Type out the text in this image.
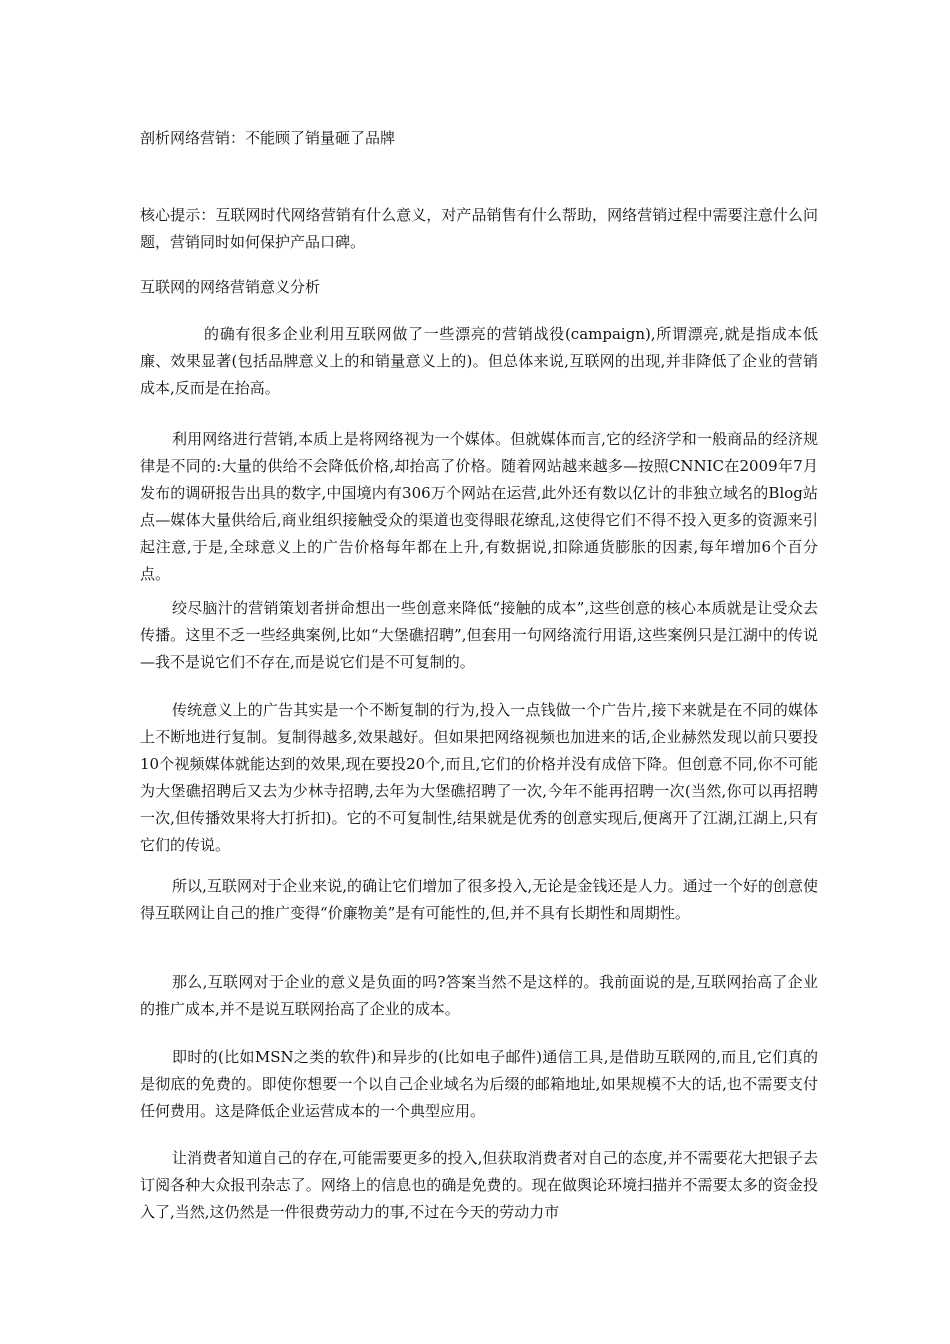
剖析网络营销：不能顾了销量砸了品牌
核心提示：互联网时代网络营销有什么意义，对产品销售有什么帮助，网络营销过程中需要注意什么问题，营销同时如何保护产品口碑。
互联网的网络营销意义分析

的确有很多企业利用互联网做了一些漂亮的营销战役(campaign),所谓漂亮,就是指成本低廉、效果显著(包括品牌意义上的和销量意义上的)。但总体来说,互联网的出现,并非降低了企业的营销成本,反而是在抬高。

利用网络进行营销,本质上是将网络视为一个媒体。但就媒体而言,它的经济学和一般商品的经济规律是不同的:大量的供给不会降低价格,却抬高了价格。随着网站越来越多—按照CNNIC在2009年7月发布的调研报告出具的数字,中国境内有306万个网站在运营,此外还有数以亿计的非独立域名的Blog站点—媒体大量供给后,商业组织接触受众的渠道也变得眼花缭乱,这使得它们不得不投入更多的资源来引起注意,于是,全球意义上的广告价格每年都在上升,有数据说,扣除通货膨胀的因素,每年增加6个百分点。

绞尽脑汁的营销策划者拼命想出一些创意来降低“接触的成本”,这些创意的核心本质就是让受众去传播。这里不乏一些经典案例,比如“大堡礁招聘”,但套用一句网络流行用语,这些案例只是江湖中的传说—我不是说它们不存在,而是说它们是不可复制的。

传统意义上的广告其实是一个不断复制的行为,投入一点钱做一个广告片,接下来就是在不同的媒体上不断地进行复制。复制得越多,效果越好。但如果把网络视频也加进来的话,企业赫然发现以前只要投10个视频媒体就能达到的效果,现在要投20个,而且,它们的价格并没有成倍下降。但创意不同,你不可能为大堡礁招聘后又去为少林寺招聘,去年为大堡礁招聘了一次,今年不能再招聘一次(当然,你可以再招聘一次,但传播效果将大打折扣)。它的不可复制性,结果就是优秀的创意实现后,便离开了江湖,江湖上,只有它们的传说。

所以,互联网对于企业来说,的确让它们增加了很多投入,无论是金钱还是人力。通过一个好的创意使得互联网让自己的推广变得“价廉物美”是有可能性的,但,并不具有长期性和周期性。

那么,互联网对于企业的意义是负面的吗?答案当然不是这样的。我前面说的是,互联网抬高了企业的推广成本,并不是说互联网抬高了企业的成本。

即时的(比如MSN之类的软件)和异步的(比如电子邮件)通信工具,是借助互联网的,而且,它们真的是彻底的免费的。即使你想要一个以自己企业域名为后缀的邮箱地址,如果规模不大的话,也不需要支付任何费用。这是降低企业运营成本的一个典型应用。

让消费者知道自己的存在,可能需要更多的投入,但获取消费者对自己的态度,并不需要花大把银子去订阅各种大众报刊杂志了。网络上的信息也的确是免费的。现在做舆论环境扫描并不需要太多的资金投入了,当然,这仍然是一件很费劳动力的事,不过在今天的劳动力市
